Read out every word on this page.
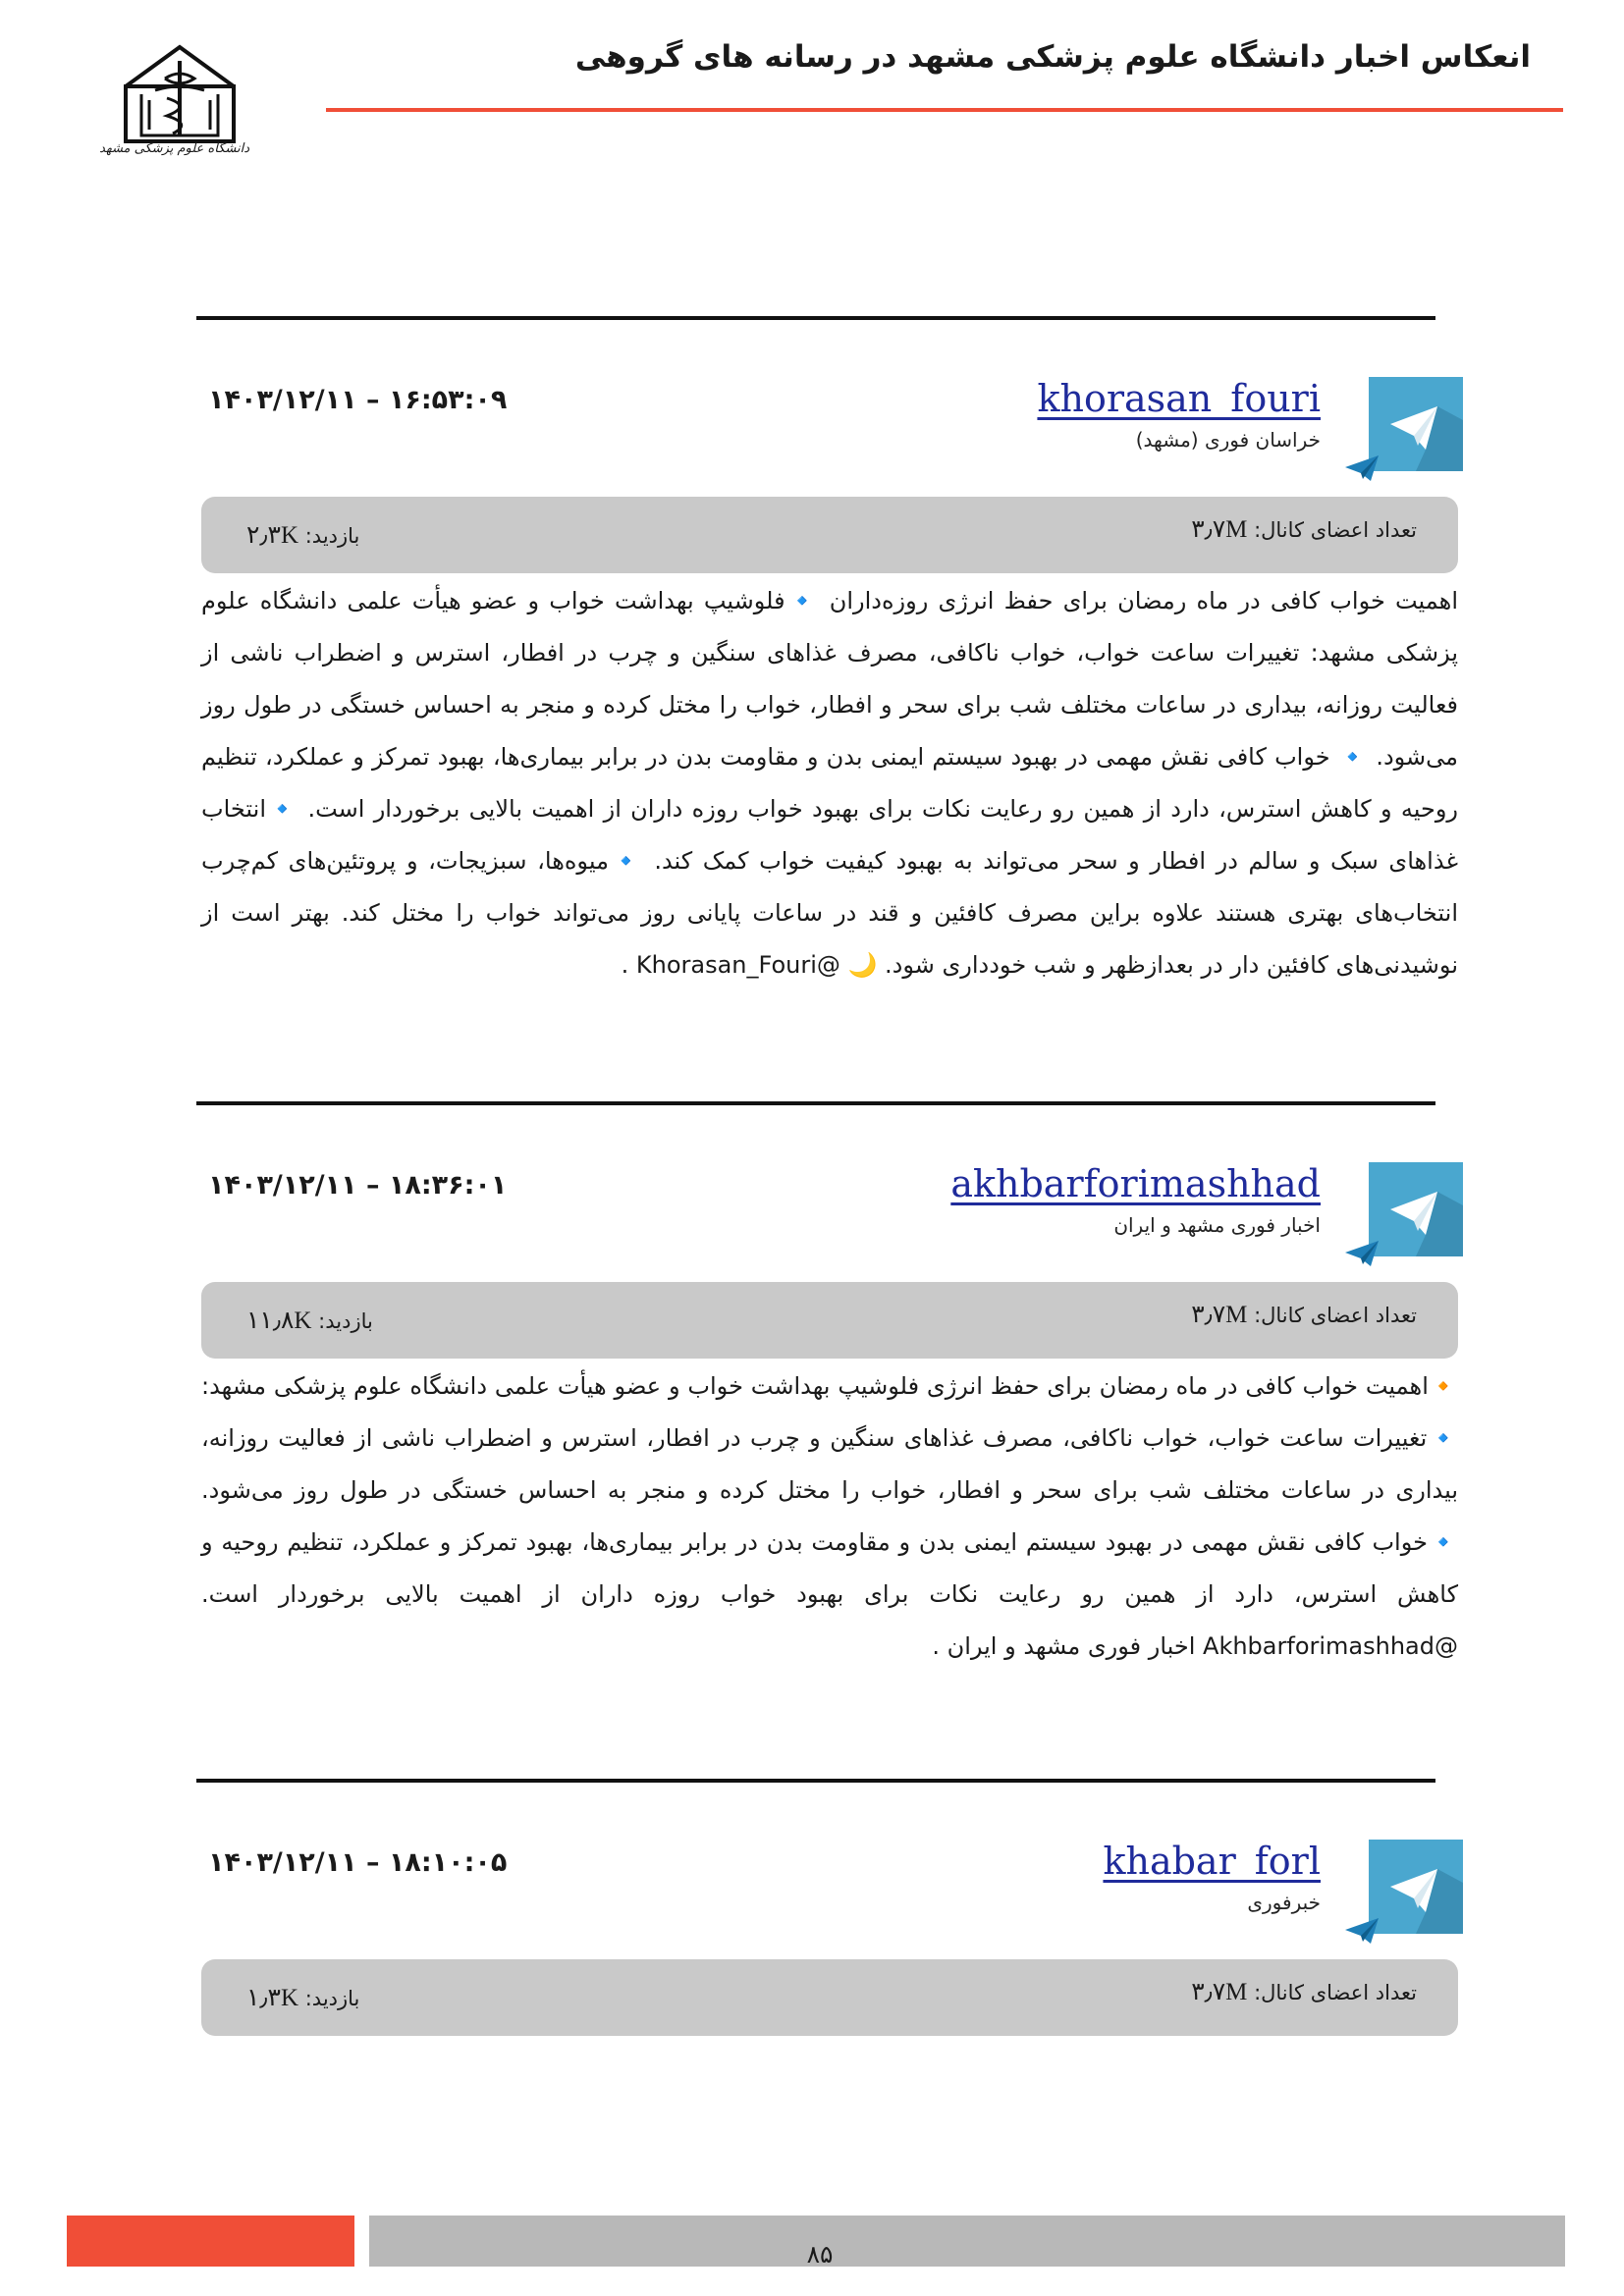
انعکاس اخبار دانشگاه علوم پزشکی مشهد در رسانه های گروهی
دانشگاه علوم پزشکی مشهد
khorasan_fouri
خراسان فوری (مشهد)
۱۶:۵۳:۰۹ – ۱۴۰۳/۱۲/۱۱
تعداد اعضای کانال: ۳٫۷M
بازدید: ۲٫۳K
اهمیت خواب کافی در ماه رمضان برای حفظ انرژی روزه‌داران 🔹فلوشیپ بهداشت خواب و عضو هیأت علمی دانشگاه علوم پزشکی مشهد: تغییرات ساعت خواب، خواب ناکافی، مصرف غذاهای سنگین و چرب در افطار، استرس و اضطراب ناشی از فعالیت روزانه، بیداری در ساعات مختلف شب برای سحر و افطار، خواب را مختل کرده و منجر به احساس خستگی در طول روز می‌شود. 🔹 خواب کافی نقش مهمی در بهبود سیستم ایمنی بدن و مقاومت بدن در برابر بیماری‌ها، بهبود تمرکز و عملکرد، تنظیم روحیه و کاهش استرس، دارد از همین رو رعایت نکات برای بهبود خواب روزه داران از اهمیت بالایی برخوردار است. 🔹انتخاب غذاهای سبک و سالم در افطار و سحر می‌تواند به بهبود کیفیت خواب کمک کند. 🔹میوه‌ها، سبزیجات، و پروتئین‌های کم‌چرب انتخاب‌های بهتری هستند علاوه براین مصرف کافئین و قند در ساعات پایانی روز می‌تواند خواب را مختل کند. بهتر است از نوشیدنی‌های کافئین دار در بعدازظهر و شب خودداری شود. 🌙 @Khorasan_Fouri .
akhbarforimashhad
اخبار فوری مشهد و ایران
۱۸:۳۶:۰۱ – ۱۴۰۳/۱۲/۱۱
تعداد اعضای کانال: ۳٫۷M
بازدید: ۱۱٫۸K
🔸اهمیت خواب کافی در ماه رمضان برای حفظ انرژی فلوشیپ بهداشت خواب و عضو هیأت علمی دانشگاه علوم پزشکی مشهد: 🔹تغییرات ساعت خواب، خواب ناکافی، مصرف غذاهای سنگین و چرب در افطار، استرس و اضطراب ناشی از فعالیت روزانه، بیداری در ساعات مختلف شب برای سحر و افطار، خواب را مختل کرده و منجر به احساس خستگی در طول روز می‌شود. 🔹خواب کافی نقش مهمی در بهبود سیستم ایمنی بدن و مقاومت بدن در برابر بیماری‌ها، بهبود تمرکز و عملکرد، تنظیم روحیه و کاهش استرس، دارد از همین رو رعایت نکات برای بهبود خواب روزه داران از اهمیت بالایی برخوردار است. @Akhbarforimashhad اخبار فوری مشهد و ایران .
khabar_forl
خبرفوری
۱۸:۱۰:۰۵ – ۱۴۰۳/۱۲/۱۱
تعداد اعضای کانال: ۳٫۷M
بازدید: ۱٫۳K
۸۵
